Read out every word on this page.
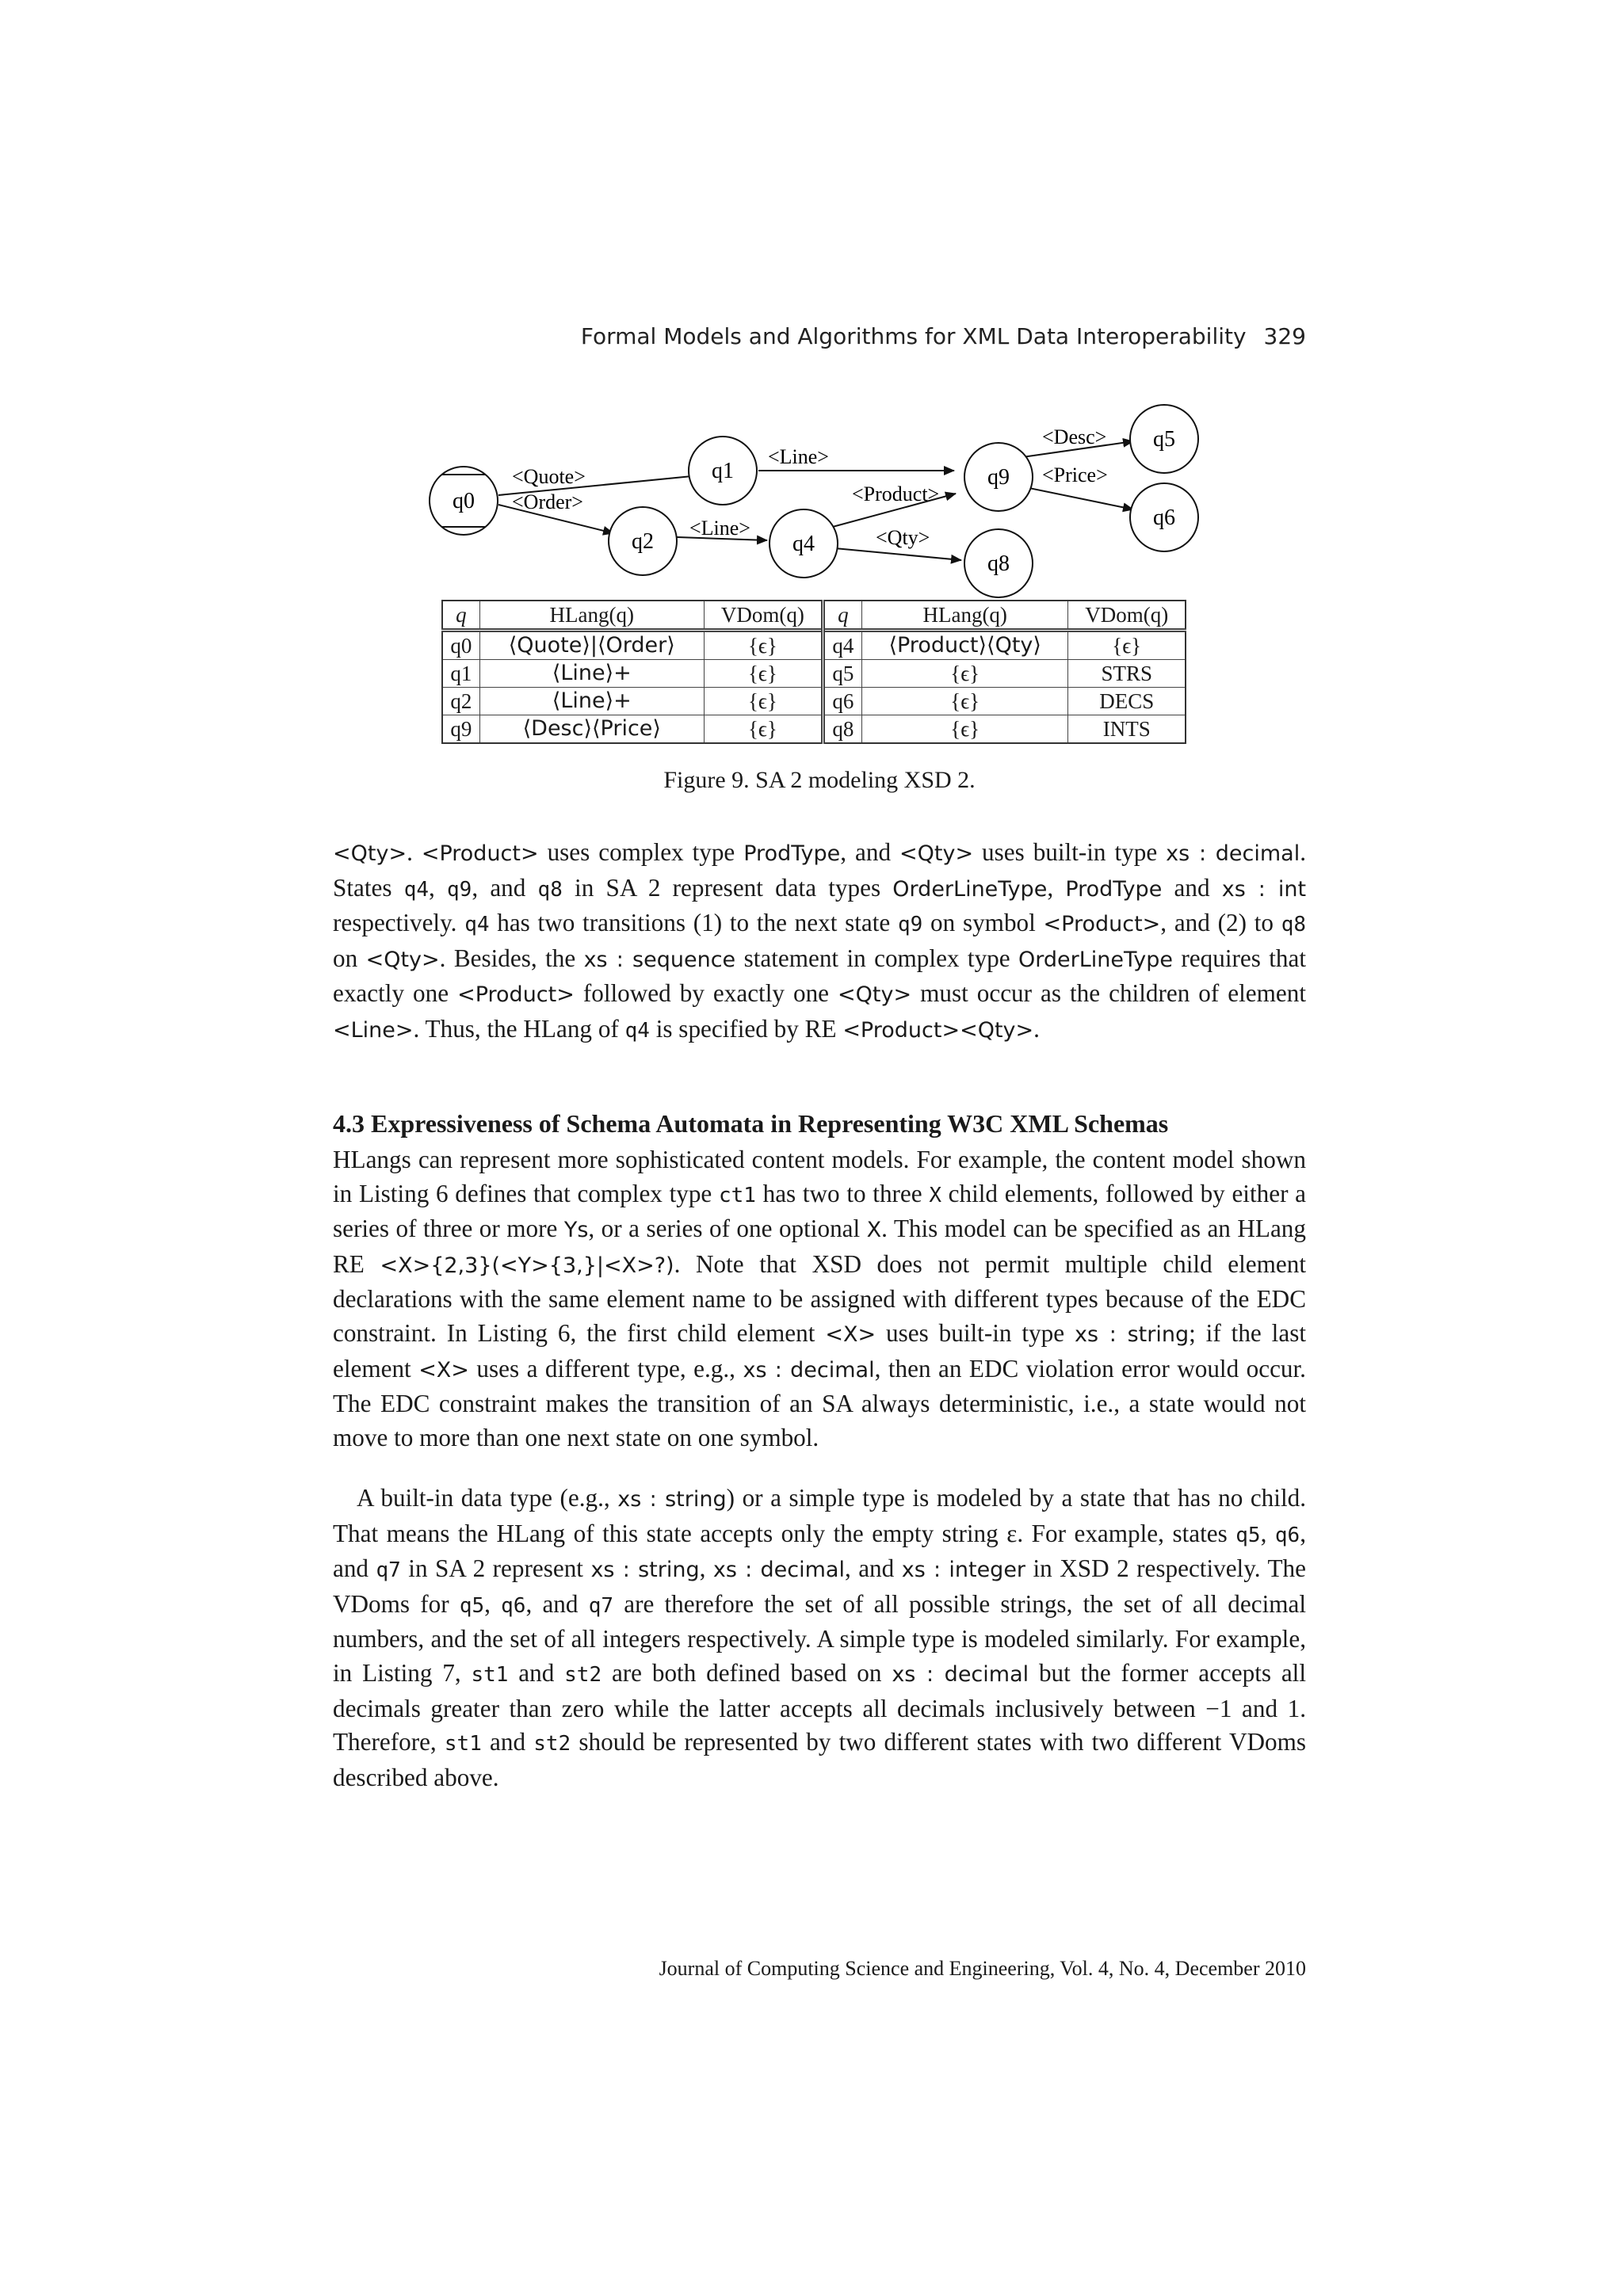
Formal Models and Algorithms for XML Data Interoperability 329
q0
q1
q2	q4
q9
q8
q5
q6
<Quote>
<Order>
<Line>
<Line>
<Product>
<Qty>
<Desc>
<Price>
q	HLang(q)	VDom(q)	q	HLang(q)	VDom(q)
q0	⟨Quote⟩|⟨Order⟩	{ϵ}	q4	⟨Product⟩⟨Qty⟩	{ϵ}
q1	⟨Line⟩+	{ϵ}	q5	{ϵ}	STRS
q2	⟨Line⟩+	{ϵ}	q6	{ϵ}	DECS
q9	⟨Desc⟩⟨Price⟩	{ϵ}	q8	{ϵ}	INTS
Figure 9. SA 2 modeling XSD 2.

<Qty>. <Product> uses complex type ProdType, and <Qty> uses built-in type xs : decimal. States q4, q9, and q8 in SA 2 represent data types OrderLineType, ProdType and xs : int respectively. q4 has two transitions (1) to the next state q9 on symbol <Product>, and (2) to q8 on <Qty>. Besides, the xs : sequence statement in complex type OrderLineType requires that exactly one <Product> followed by exactly one <Qty> must occur as the children of element <Line>. Thus, the HLang of q4 is specified by RE <Product><Qty>.

4.3 Expressiveness of Schema Automata in Representing W3C XML Schemas

HLangs can represent more sophisticated content models. For example, the content model shown in Listing 6 defines that complex type ct1 has two to three X child elements, followed by either a series of three or more Ys, or a series of one optional X. This model can be specified as an HLang RE <X>{2,3}(<Y>{3,}|<X>?). Note that XSD does not permit multiple child element declarations with the same element name to be assigned with different types because of the EDC constraint. In Listing 6, the first child element <X> uses built-in type xs : string; if the last element <X> uses a different type, e.g., xs : decimal, then an EDC violation error would occur. The EDC constraint makes the transition of an SA always deterministic, i.e., a state would not move to more than one next state on one symbol.

A built-in data type (e.g., xs : string) or a simple type is modeled by a state that has no child. That means the HLang of this state accepts only the empty string ε. For example, states q5, q6, and q7 in SA 2 represent xs : string, xs : decimal, and xs : integer in XSD 2 respectively. The VDoms for q5, q6, and q7 are therefore the set of all possible strings, the set of all decimal numbers, and the set of all integers respectively. A simple type is modeled similarly. For example, in Listing 7, st1 and st2 are both defined based on xs : decimal but the former accepts all decimals greater than zero while the latter accepts all decimals inclusively between −1 and 1. Therefore, st1 and st2 should be represented by two different states with two different VDoms described above.

Journal of Computing Science and Engineering, Vol. 4, No. 4, December 2010
